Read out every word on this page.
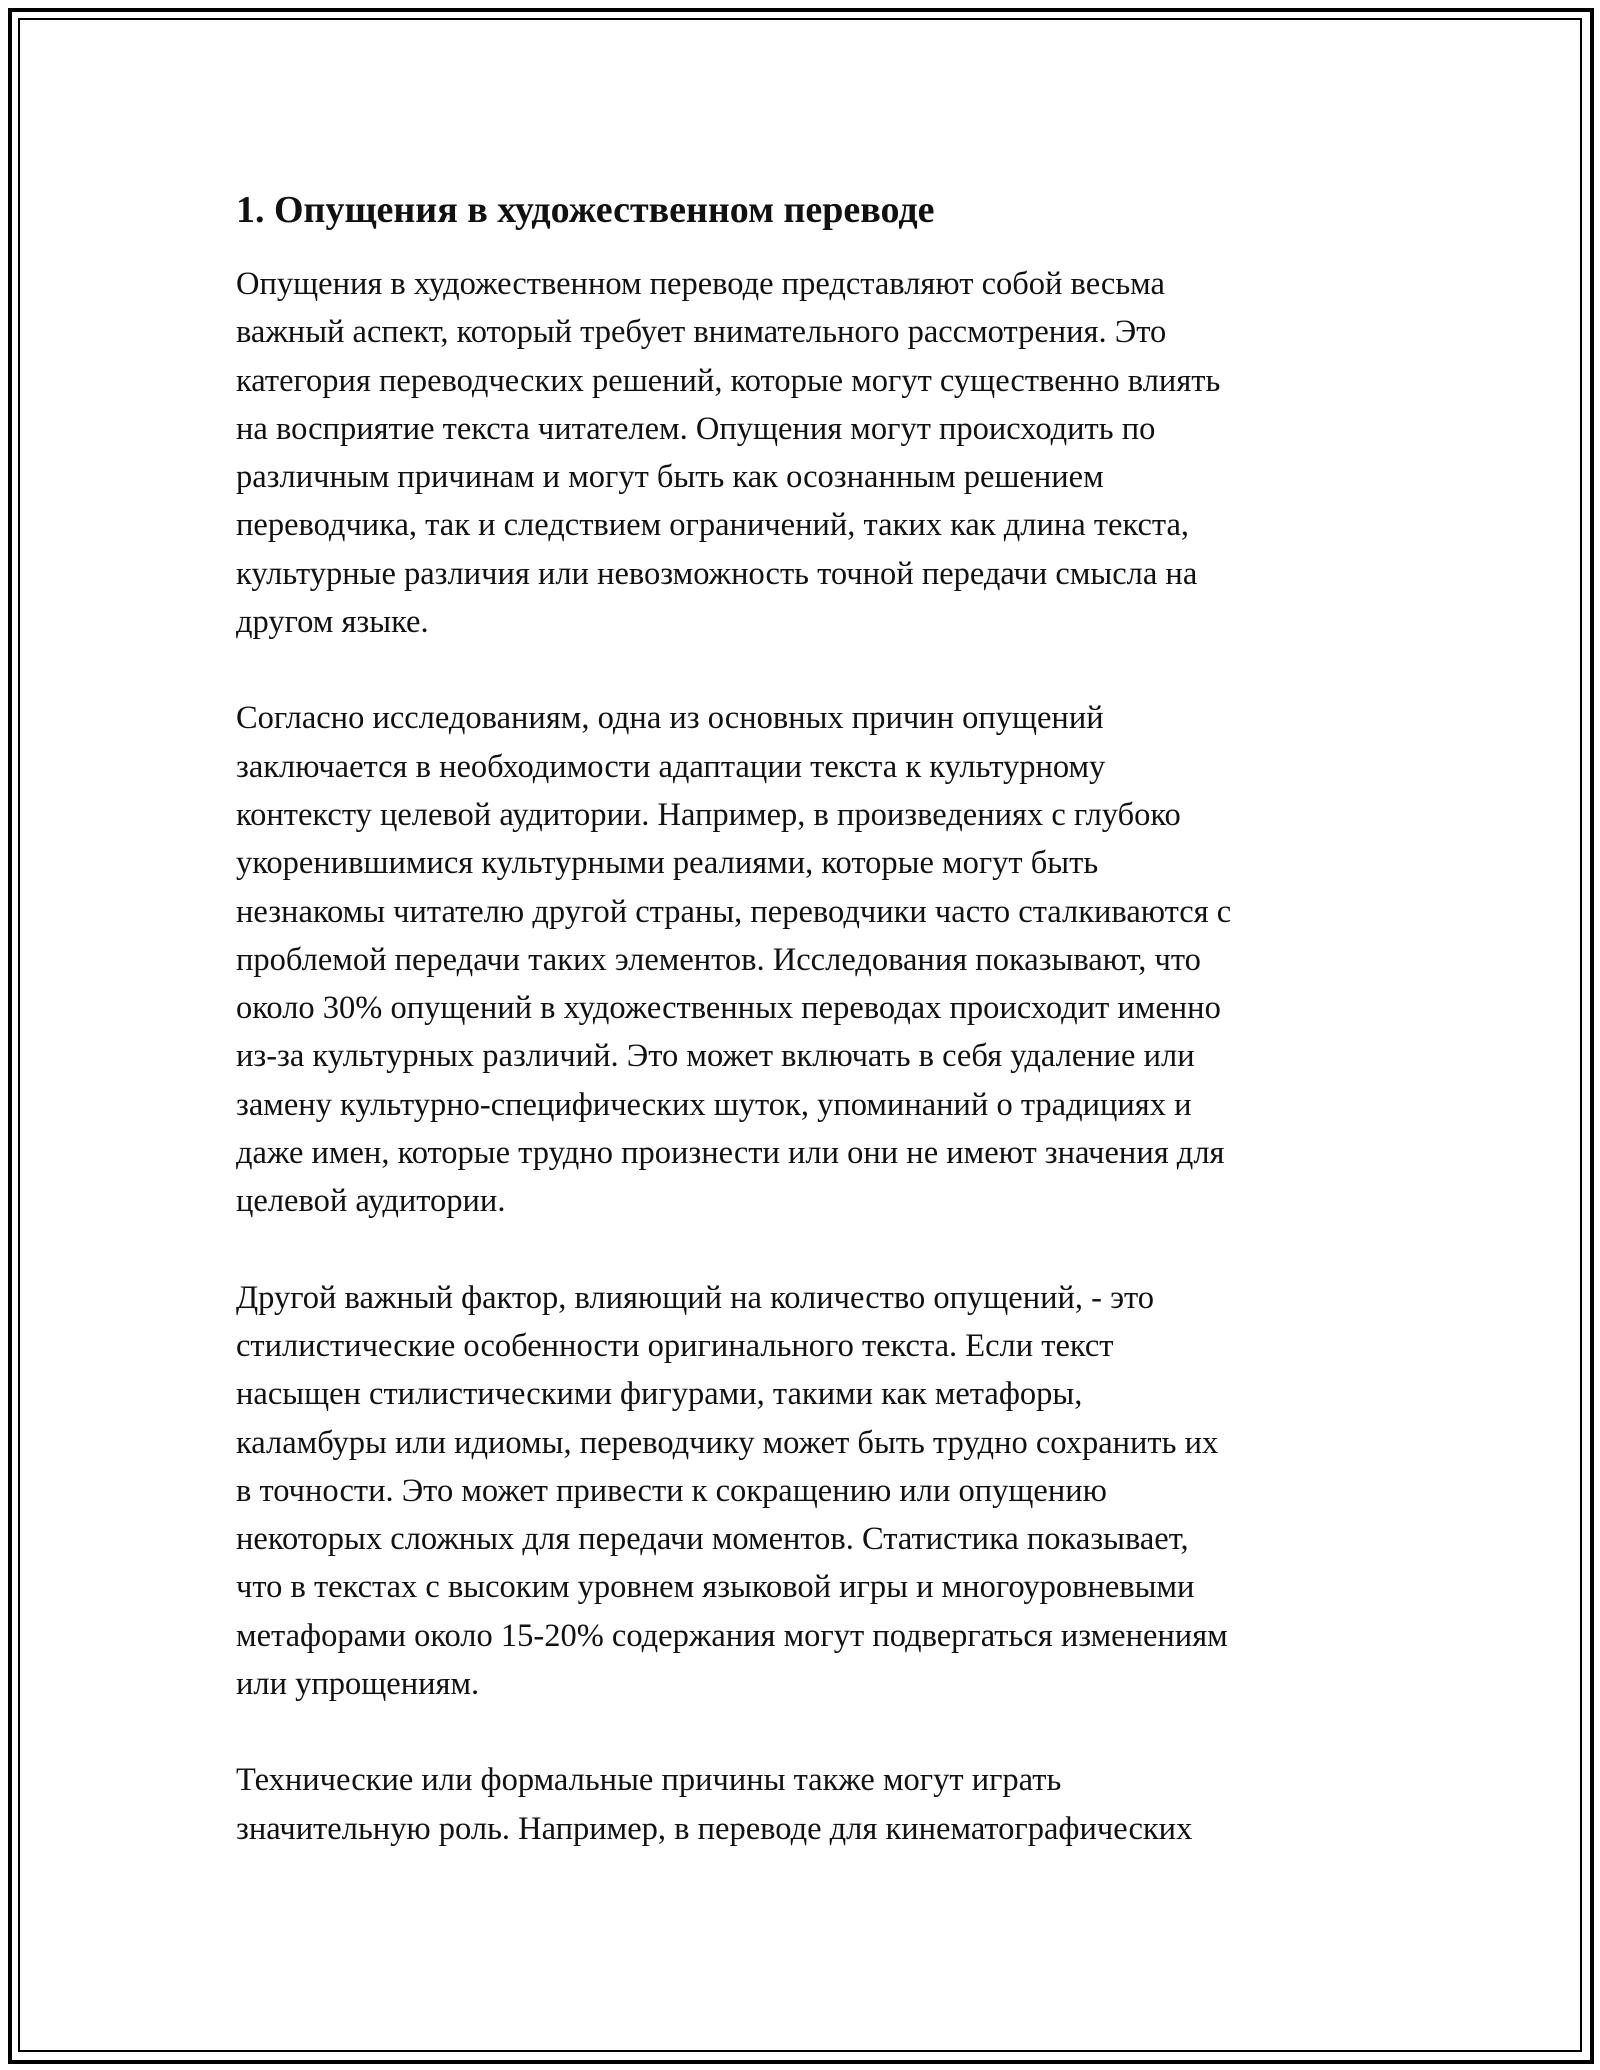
1. Опущения в художественном переводе

Опущения в художественном переводе представляют собой весьма
важный аспект, который требует внимательного рассмотрения. Это
категория переводческих решений, которые могут существенно влиять
на восприятие текста читателем. Опущения могут происходить по
различным причинам и могут быть как осознанным решением
переводчика, так и следствием ограничений, таких как длина текста,
культурные различия или невозможность точной передачи смысла на
другом языке.

Согласно исследованиям, одна из основных причин опущений
заключается в необходимости адаптации текста к культурному
контексту целевой аудитории. Например, в произведениях с глубоко
укоренившимися культурными реалиями, которые могут быть
незнакомы читателю другой страны, переводчики часто сталкиваются с
проблемой передачи таких элементов. Исследования показывают, что
около 30% опущений в художественных переводах происходит именно
из-за культурных различий. Это может включать в себя удаление или
замену культурно-специфических шуток, упоминаний о традициях и
даже имен, которые трудно произнести или они не имеют значения для
целевой аудитории.

Другой важный фактор, влияющий на количество опущений, - это
стилистические особенности оригинального текста. Если текст
насыщен стилистическими фигурами, такими как метафоры,
каламбуры или идиомы, переводчику может быть трудно сохранить их
в точности. Это может привести к сокращению или опущению
некоторых сложных для передачи моментов. Статистика показывает,
что в текстах с высоким уровнем языковой игры и многоуровневыми
метафорами около 15-20% содержания могут подвергаться изменениям
или упрощениям.

Технические или формальные причины также могут играть
значительную роль. Например, в переводе для кинематографических
